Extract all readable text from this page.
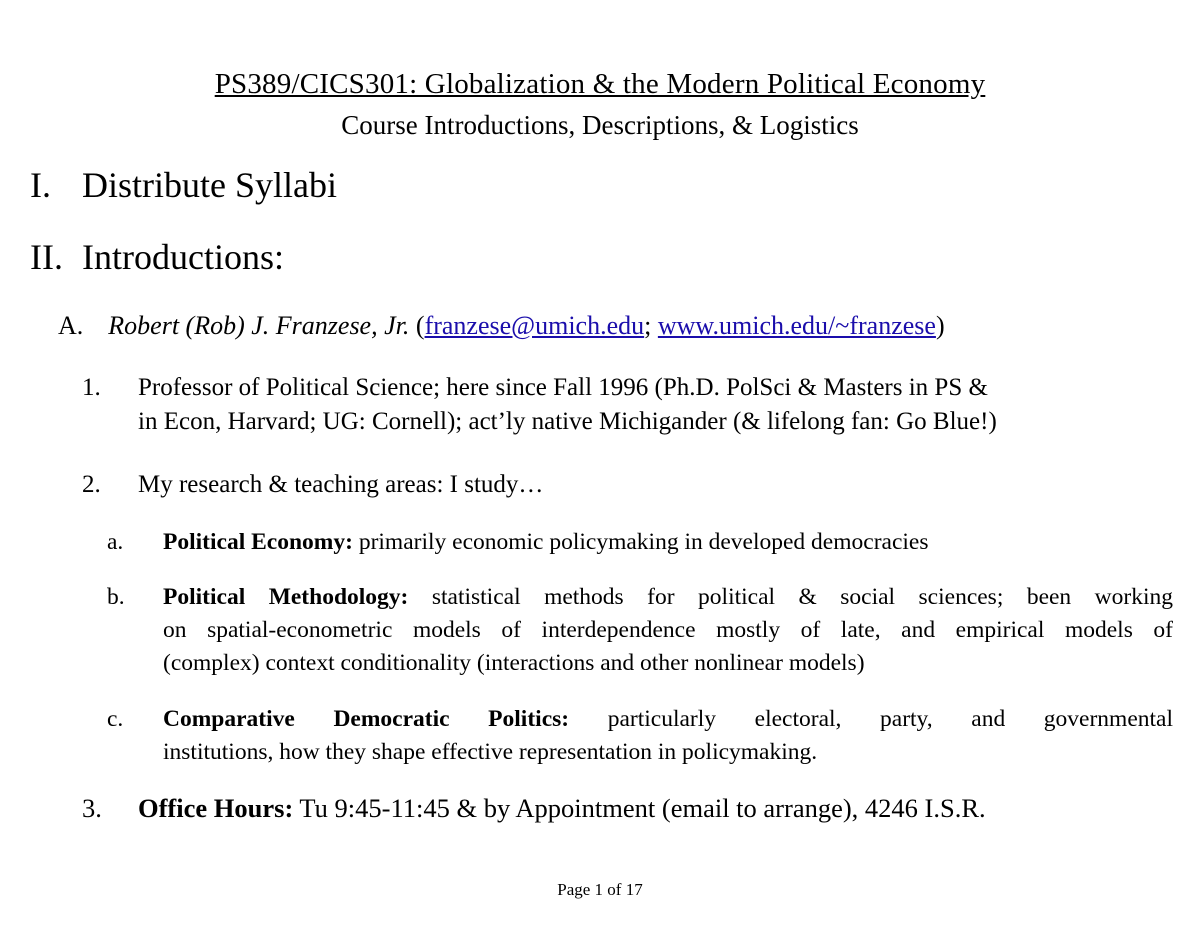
PS389/CICS301: Globalization & the Modern Political Economy
Course Introductions, Descriptions, & Logistics
I. Distribute Syllabi
II. Introductions:
A. Robert (Rob) J. Franzese, Jr. (franzese@umich.edu; www.umich.edu/~franzese)
1. Professor of Political Science; here since Fall 1996 (Ph.D. PolSci & Masters in PS &
in Econ, Harvard; UG: Cornell); act’ly native Michigander (& lifelong fan: Go Blue!)
2. My research & teaching areas: I study…
a. Political Economy: primarily economic policymaking in developed democracies
b. Political Methodology: statistical methods for political & social sciences; been working
on spatial-econometric models of interdependence mostly of late, and empirical models of
(complex) context conditionality (interactions and other nonlinear models)
c. Comparative Democratic Politics: particularly electoral, party, and governmental
institutions, how they shape effective representation in policymaking.
3. Office Hours: Tu 9:45-11:45 & by Appointment (email to arrange), 4246 I.S.R.
Page 1 of 17
